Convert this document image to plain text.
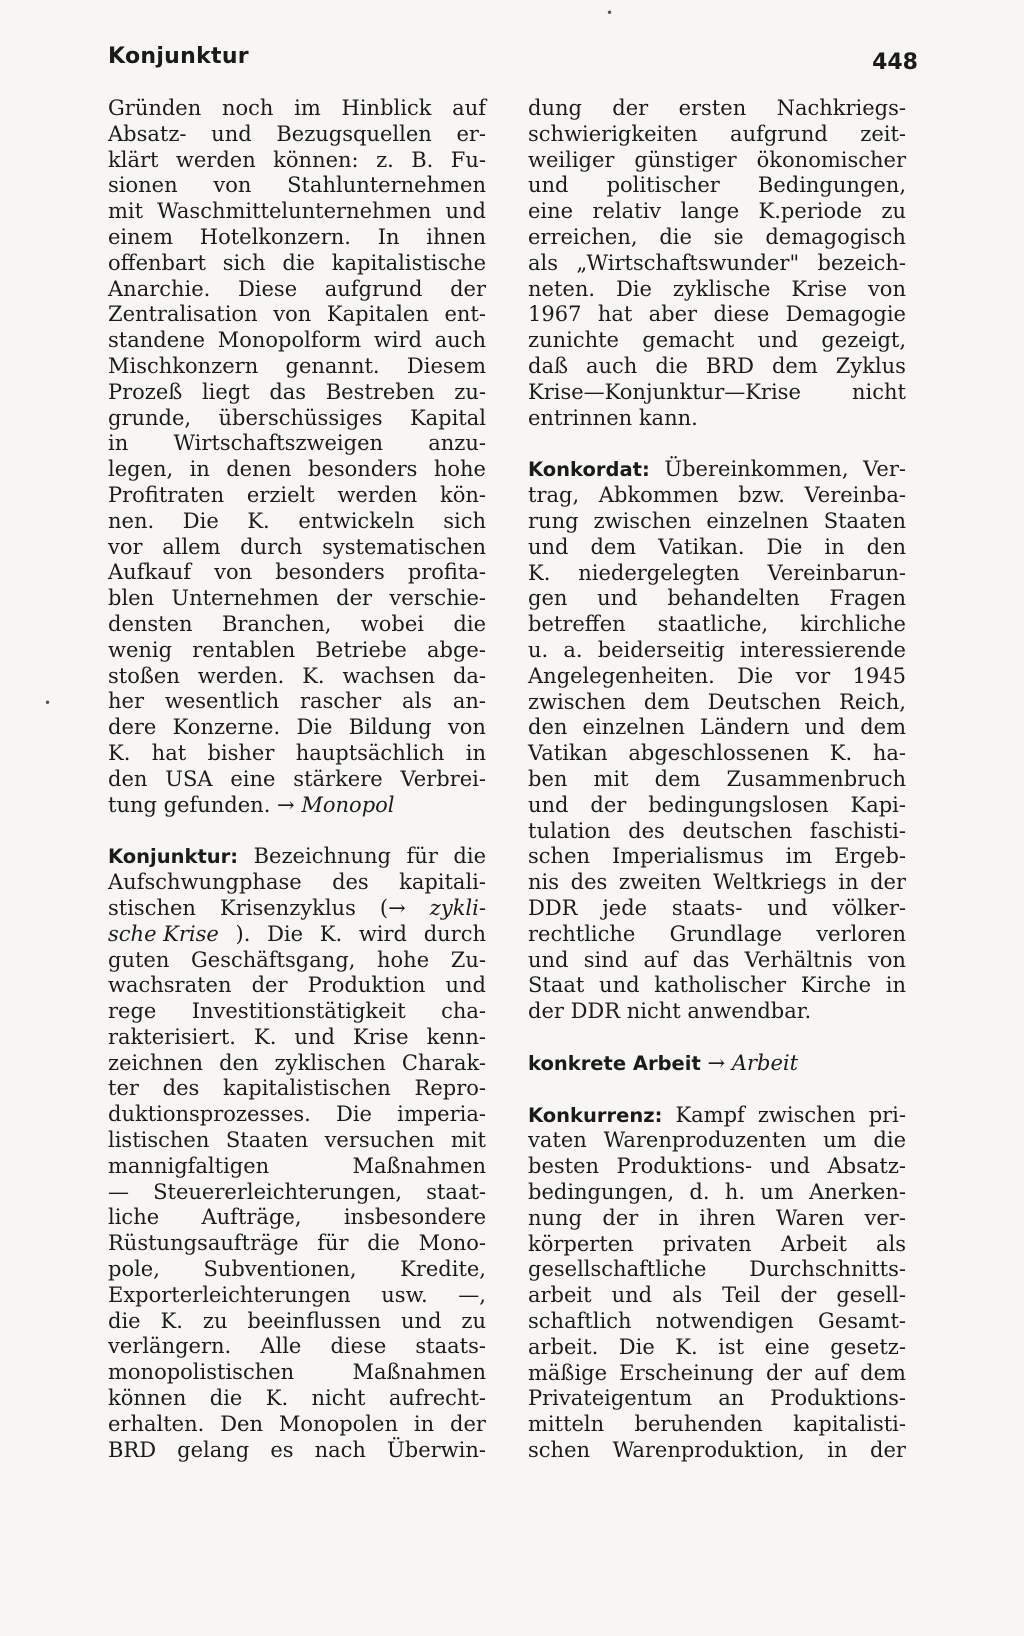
Konjunktur	448
•
•
Gründen noch im Hinblick auf
Absatz- und Bezugsquellen er-
klärt werden können: z. B. Fu-
sionen von Stahlunternehmen
mit Waschmittelunternehmen und
einem Hotelkonzern. In ihnen
offenbart sich die kapitalistische
Anarchie. Diese aufgrund der
Zentralisation von Kapitalen ent-
standene Monopolform wird auch
Mischkonzern genannt. Diesem
Prozeß liegt das Bestreben zu-
grunde, überschüssiges Kapital
in Wirtschaftszweigen anzu-
legen, in denen besonders hohe
Profitraten erzielt werden kön-
nen. Die K. entwickeln sich
vor allem durch systematischen
Aufkauf von besonders profita-
blen Unternehmen der verschie-
densten Branchen, wobei die
wenig rentablen Betriebe abge-
stoßen werden. K. wachsen da-
her wesentlich rascher als an-
dere Konzerne. Die Bildung von
K. hat bisher hauptsächlich in
den USA eine stärkere Verbrei-
tung gefunden. → Monopol
Konjunktur: Bezeichnung für die
Aufschwungphase des kapitali-
stischen Krisenzyklus (→ zykli-
sche Krise ). Die K. wird durch
guten Geschäftsgang, hohe Zu-
wachsraten der Produktion und
rege Investitionstätigkeit cha-
rakterisiert. K. und Krise kenn-
zeichnen den zyklischen Charak-
ter des kapitalistischen Repro-
duktionsprozesses. Die imperia-
listischen Staaten versuchen mit
mannigfaltigen	Maßnahmen
— Steuererleichterungen, staat-
liche Aufträge, insbesondere
Rüstungsaufträge für die Mono-
pole, Subventionen, Kredite,
Exporterleichterungen usw. —,
die K. zu beeinflussen und zu
verlängern. Alle diese staats-
monopolistischen	Maßnahmen
können die K. nicht aufrecht-
erhalten. Den Monopolen in der
BRD gelang es nach Überwin-
dung der ersten Nachkriegs-
schwierigkeiten aufgrund zeit-
weiliger günstiger ökonomischer
und politischer Bedingungen,
eine relativ lange K.periode zu
erreichen, die sie demagogisch
als „Wirtschaftswunder" bezeich-
neten. Die zyklische Krise von
1967 hat aber diese Demagogie
zunichte gemacht und gezeigt,
daß auch die BRD dem Zyklus
Krise—Konjunktur—Krise nicht
entrinnen kann.
Konkordat: Übereinkommen, Ver-
trag, Abkommen bzw. Vereinba-
rung zwischen einzelnen Staaten
und dem Vatikan. Die in den
K. niedergelegten Vereinbarun-
gen und behandelten Fragen
betreffen staatliche, kirchliche
u. a. beiderseitig interessierende
Angelegenheiten. Die vor 1945
zwischen dem Deutschen Reich,
den einzelnen Ländern und dem
Vatikan abgeschlossenen K. ha-
ben mit dem Zusammenbruch
und der bedingungslosen Kapi-
tulation des deutschen faschisti-
schen Imperialismus im Ergeb-
nis des zweiten Weltkriegs in der
DDR jede staats- und völker-
rechtliche Grundlage verloren
und sind auf das Verhältnis von
Staat und katholischer Kirche in
der DDR nicht anwendbar.
konkrete Arbeit → Arbeit
Konkurrenz: Kampf zwischen pri-
vaten Warenproduzenten um die
besten Produktions- und Absatz-
bedingungen, d. h. um Anerken-
nung der in ihren Waren ver-
körperten privaten Arbeit als
gesellschaftliche Durchschnitts-
arbeit und als Teil der gesell-
schaftlich notwendigen Gesamt-
arbeit. Die K. ist eine gesetz-
mäßige Erscheinung der auf dem
Privateigentum an Produktions-
mitteln beruhenden kapitalisti-
schen Warenproduktion, in der
